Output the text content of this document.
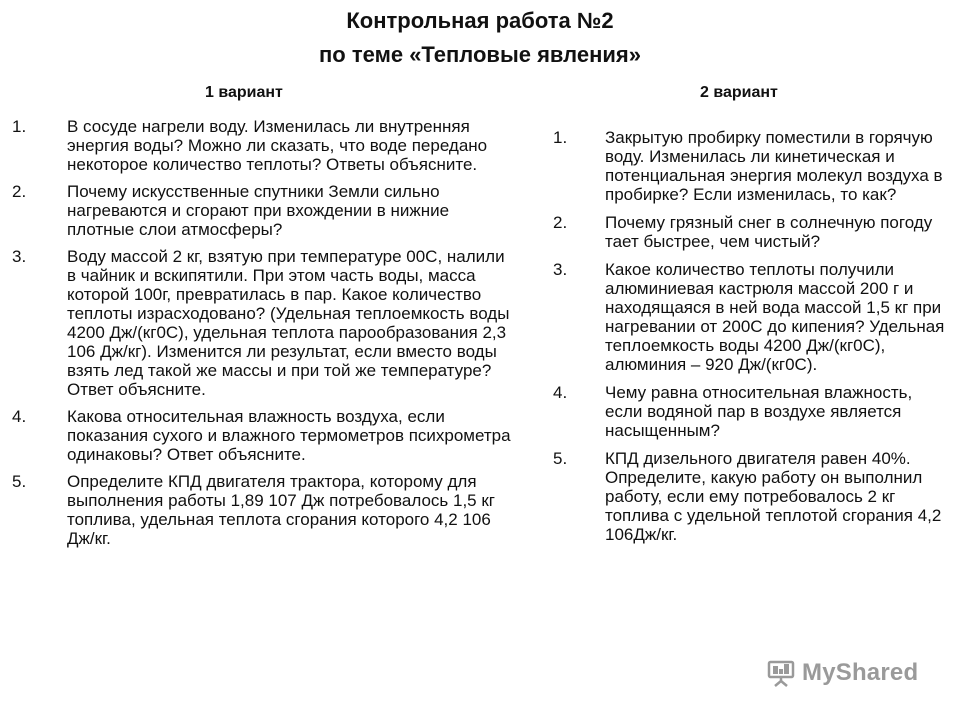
Контрольная работа №2
по теме «Тепловые явления»
1 вариант	2 вариант
1. В сосуде нагрели воду. Изменилась ли внутренняя энергия воды? Можно ли сказать, что воде передано некоторое количество теплоты? Ответы объясните.
2. Почему искусственные спутники Земли сильно нагреваются и сгорают при вхождении в нижние плотные слои атмосферы?
3. Воду массой 2 кг, взятую при температуре 00С, налили в чайник и вскипятили. При этом часть воды, масса которой 100г, превратилась в пар. Какое количество теплоты израсходовано? (Удельная теплоемкость воды 4200 Дж/(кг0С), удельная теплота парообразования 2,3 106 Дж/кг). Изменится ли результат, если вместо воды взять лед такой же массы и при той же температуре? Ответ объясните.
4. Какова относительная влажность воздуха, если показания сухого и влажного термометров психрометра одинаковы? Ответ объясните.
5. Определите КПД двигателя трактора, которому для выполнения работы 1,89 107 Дж потребовалось 1,5 кг топлива, удельная теплота сгорания которого 4,2 106 Дж/кг.
1. Закрытую пробирку поместили в горячую воду. Изменилась ли кинетическая и потенциальная энергия молекул воздуха в пробирке? Если изменилась, то как?
2. Почему грязный снег в солнечную погоду тает быстрее, чем чистый?
3. Какое количество теплоты получили алюминиевая кастрюля массой 200 г и находящаяся в ней вода массой 1,5 кг при нагревании от 200С до кипения? Удельная теплоемкость воды 4200 Дж/(кг0С), алюминия – 920 Дж/(кг0С).
4. Чему равна относительная влажность, если водяной пар в воздухе является насыщенным?
5. КПД дизельного двигателя равен 40%. Определите, какую работу он выполнил работу, если ему потребовалось 2 кг топлива с удельной теплотой сгорания 4,2 106Дж/кг.
MyShared
